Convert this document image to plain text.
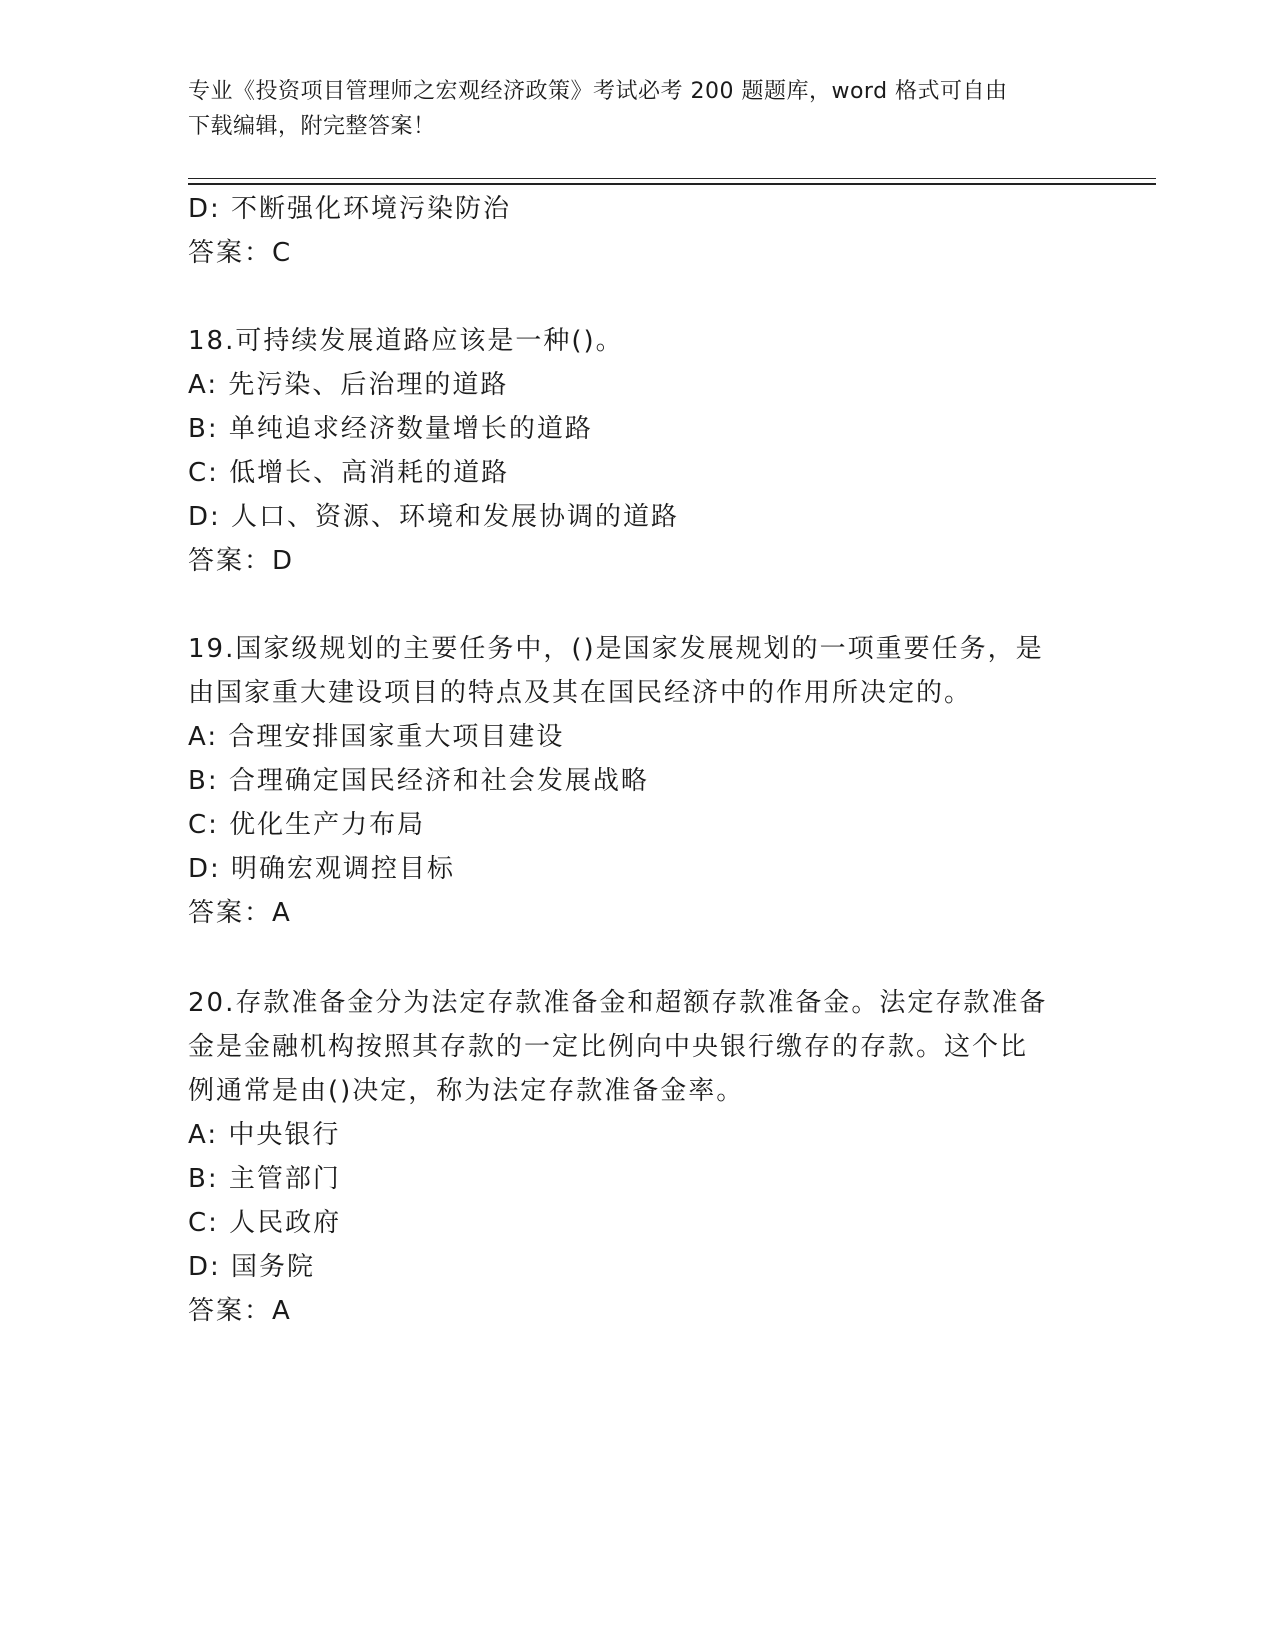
专业《投资项目管理师之宏观经济政策》考试必考 200 题题库，word 格式可自由
下载编辑，附完整答案！
D: 不断强化环境污染防治
答案：C
18.可持续发展道路应该是一种()。
A: 先污染、后治理的道路
B: 单纯追求经济数量增长的道路
C: 低增长、高消耗的道路
D: 人口、资源、环境和发展协调的道路
答案：D
19.国家级规划的主要任务中，()是国家发展规划的一项重要任务，是
由国家重大建设项目的特点及其在国民经济中的作用所决定的。
A: 合理安排国家重大项目建设
B: 合理确定国民经济和社会发展战略
C: 优化生产力布局
D: 明确宏观调控目标
答案：A
20.存款准备金分为法定存款准备金和超额存款准备金。法定存款准备
金是金融机构按照其存款的一定比例向中央银行缴存的存款。这个比
例通常是由()决定，称为法定存款准备金率。
A: 中央银行
B: 主管部门
C: 人民政府
D: 国务院
答案：A
